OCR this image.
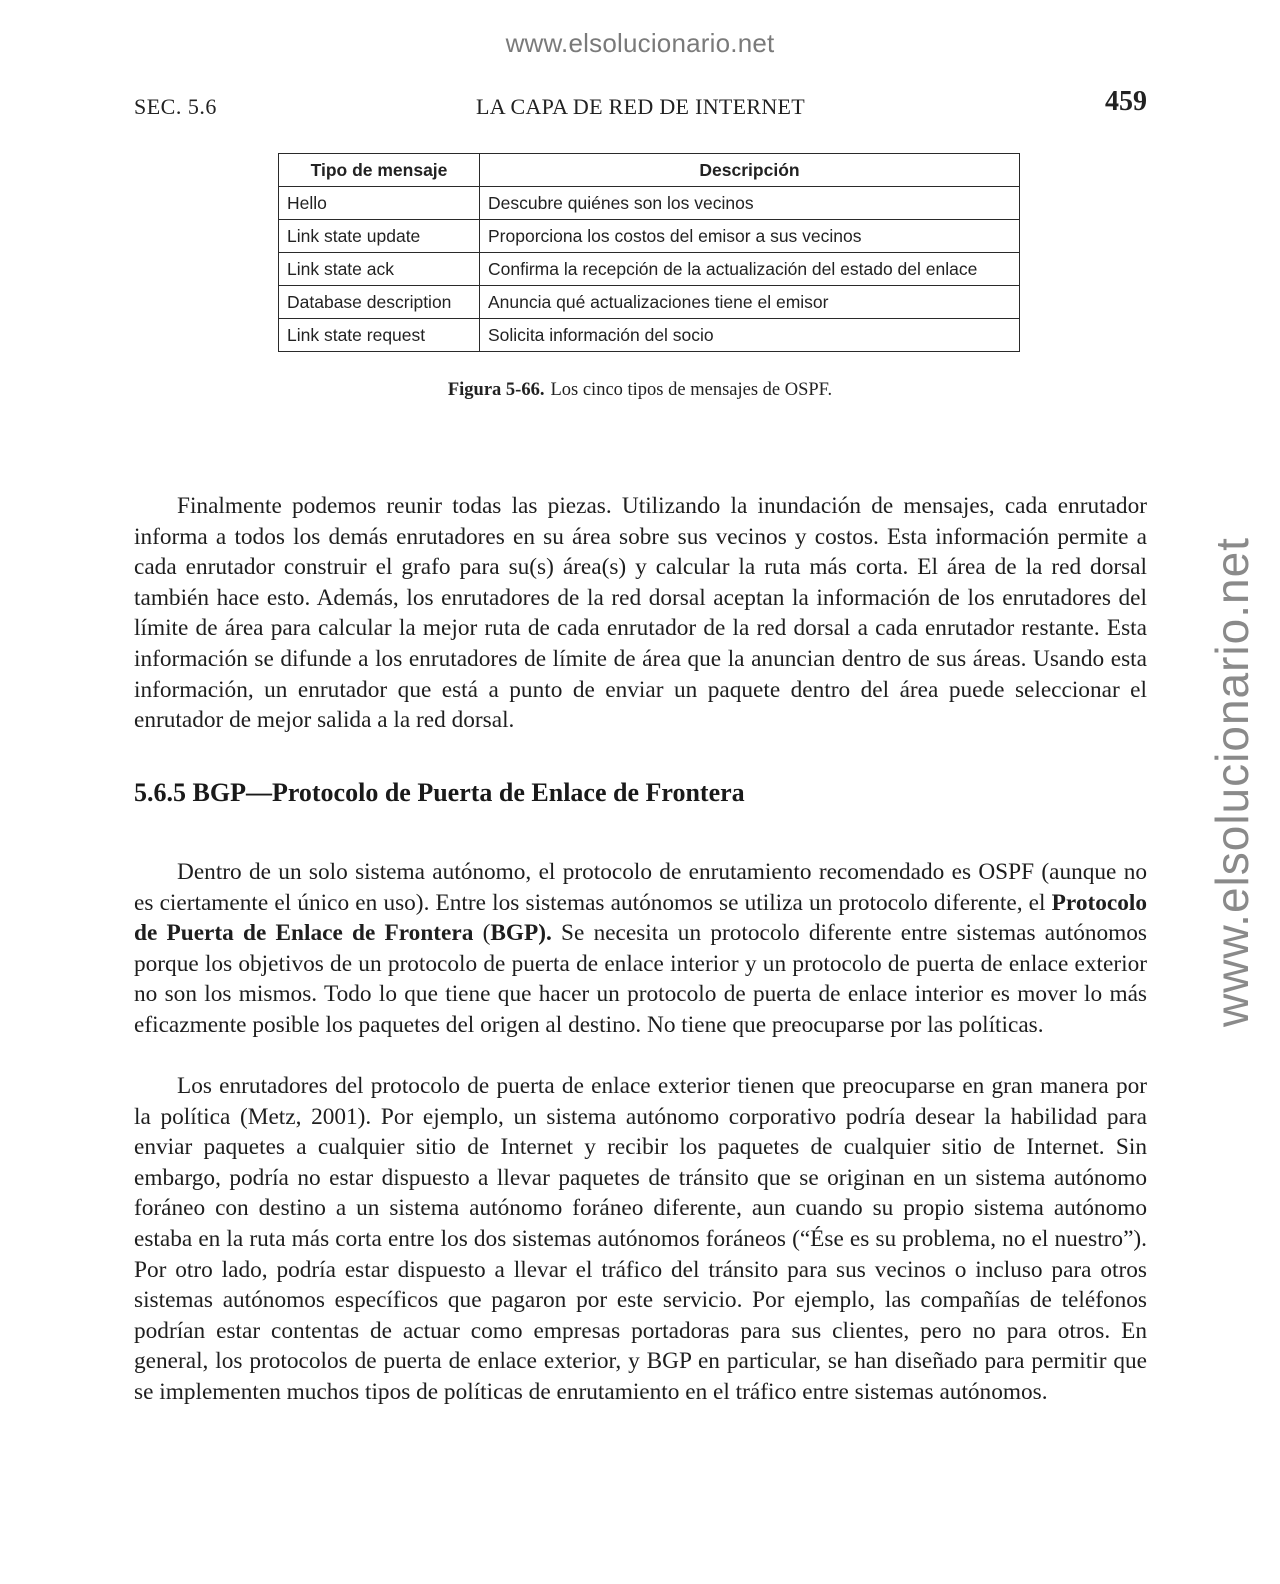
www.elsolucionario.net
www.elsolucionario.net
SEC. 5.6	LA CAPA DE RED DE INTERNET	459
Tipo de mensaje	Descripción
Hello	Descubre quiénes son los vecinos
Link state update	Proporciona los costos del emisor a sus vecinos
Link state ack	Confirma la recepción de la actualización del estado del enlace
Database description	Anuncia qué actualizaciones tiene el emisor
Link state request	Solicita información del socio
Figura 5-66. Los cinco tipos de mensajes de OSPF.

Finalmente podemos reunir todas las piezas. Utilizando la inundación de mensajes, cada enrutador informa a todos los demás enrutadores en su área sobre sus vecinos y costos. Esta información permite a cada enrutador construir el grafo para su(s) área(s) y calcular la ruta más corta. El área de la red dorsal también hace esto. Además, los enrutadores de la red dorsal aceptan la información de los enrutadores del límite de área para calcular la mejor ruta de cada enrutador de la red dorsal a cada enrutador restante. Esta información se difunde a los enrutadores de límite de área que la anuncian dentro de sus áreas. Usando esta información, un enrutador que está a punto de enviar un paquete dentro del área puede seleccionar el enrutador de mejor salida a la red dorsal.

5.6.5 BGP—Protocolo de Puerta de Enlace de Frontera

Dentro de un solo sistema autónomo, el protocolo de enrutamiento recomendado es OSPF (aunque no es ciertamente el único en uso). Entre los sistemas autónomos se utiliza un protocolo diferente, el Protocolo de Puerta de Enlace de Frontera (BGP). Se necesita un protocolo diferente entre sistemas autónomos porque los objetivos de un protocolo de puerta de enlace interior y un protocolo de puerta de enlace exterior no son los mismos. Todo lo que tiene que hacer un protocolo de puerta de enlace interior es mover lo más eficazmente posible los paquetes del origen al destino. No tiene que preocuparse por las políticas.

Los enrutadores del protocolo de puerta de enlace exterior tienen que preocuparse en gran manera por la política (Metz, 2001). Por ejemplo, un sistema autónomo corporativo podría desear la habilidad para enviar paquetes a cualquier sitio de Internet y recibir los paquetes de cualquier sitio de Internet. Sin embargo, podría no estar dispuesto a llevar paquetes de tránsito que se originan en un sistema autónomo foráneo con destino a un sistema autónomo foráneo diferente, aun cuando su propio sistema autónomo estaba en la ruta más corta entre los dos sistemas autónomos foráneos (“Ése es su problema, no el nuestro”). Por otro lado, podría estar dispuesto a llevar el tráfico del tránsito para sus vecinos o incluso para otros sistemas autónomos específicos que pagaron por este servicio. Por ejemplo, las compañías de teléfonos podrían estar contentas de actuar como empresas portadoras para sus clientes, pero no para otros. En general, los protocolos de puerta de enlace exterior, y BGP en particular, se han diseñado para permitir que se implementen muchos tipos de políticas de enrutamiento en el tráfico entre sistemas autónomos.
